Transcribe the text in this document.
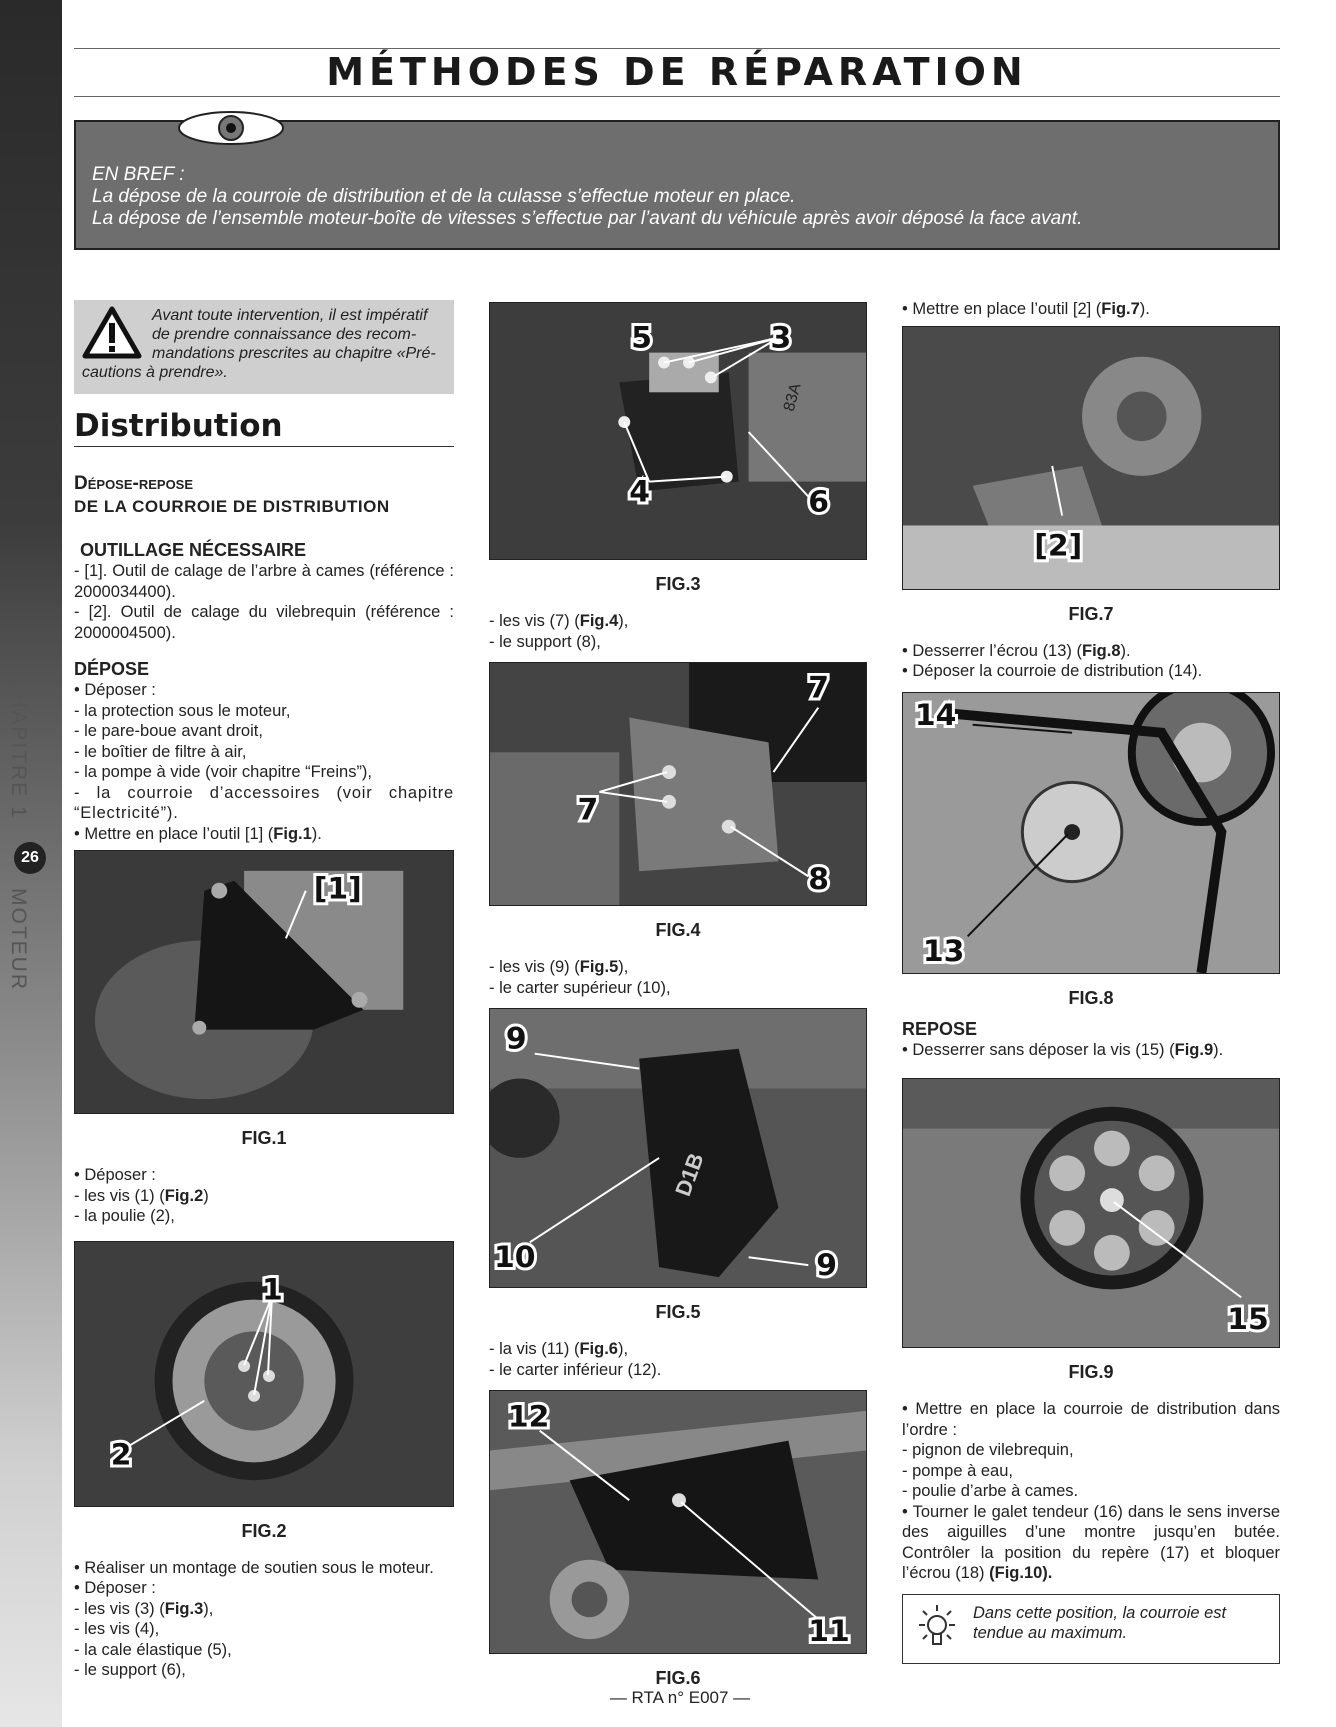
CHAPITRE 1
26
MOTEUR
MÉTHODES DE RÉPARATION

EN BREF :

La dépose de la courroie de distribution et de la culasse s’effectue moteur en place.

La dépose de l’ensemble moteur-boîte de vitesses s’effectue par l’avant du véhicule après avoir déposé la face avant.

Avant toute intervention, il est impératif
de prendre connaissance des recom-
mandations prescrites au chapitre «Pré-
cautions à prendre».
Distribution
Dépose-repose
DE LA COURROIE DE DISTRIBUTION
OUTILLAGE NÉCESSAIRE
- [1]. Outil de calage de l’arbre à cames (référence : 2000034400).
- [2]. Outil de calage du vilebrequin (référence : 2000004500).
DÉPOSE
• Déposer :
- la protection sous le moteur,
- le pare-boue avant droit,
- le boîtier de filtre à air,
- la pompe à vide (voir chapitre “Freins”),
- la courroie d’accessoires (voir chapitre “Electricité”).
• Mettre en place l’outil [1] (Fig.1).
[1]
FIG.1
• Déposer :
- les vis (1) (Fig.2)
- la poulie (2),
1
2
FIG.2
• Réaliser un montage de soutien sous le moteur.
• Déposer :
- les vis (3) (Fig.3),
- les vis (4),
- la cale élastique (5),
- le support (6),
83A
5	3
4	6
FIG.3
- les vis (7) (Fig.4),
- le support (8),
7
7
8
FIG.4
- les vis (9) (Fig.5),
- le carter supérieur (10),
D1B
9
10	9
FIG.5
- la vis (11) (Fig.6),
- le carter inférieur (12).
12
11
FIG.6
• Mettre en place l’outil [2] (Fig.7).
[2]
FIG.7
• Desserrer l’écrou (13) (Fig.8).
• Déposer la courroie de distribution (14).
14
13
FIG.8
REPOSE
• Desserrer sans déposer la vis (15) (Fig.9).
15
FIG.9
• Mettre en place la courroie de distribution dans l’ordre :
- pignon de vilebrequin,
- pompe à eau,
- poulie d’arbe à cames.
• Tourner le galet tendeur (16) dans le sens inverse des aiguilles d’une montre jusqu’en butée. Contrôler la position du repère (17) et bloquer l’écrou (18) (Fig.10).

Dans cette position, la courroie est tendue au maximum.

— RTA n° E007 —
